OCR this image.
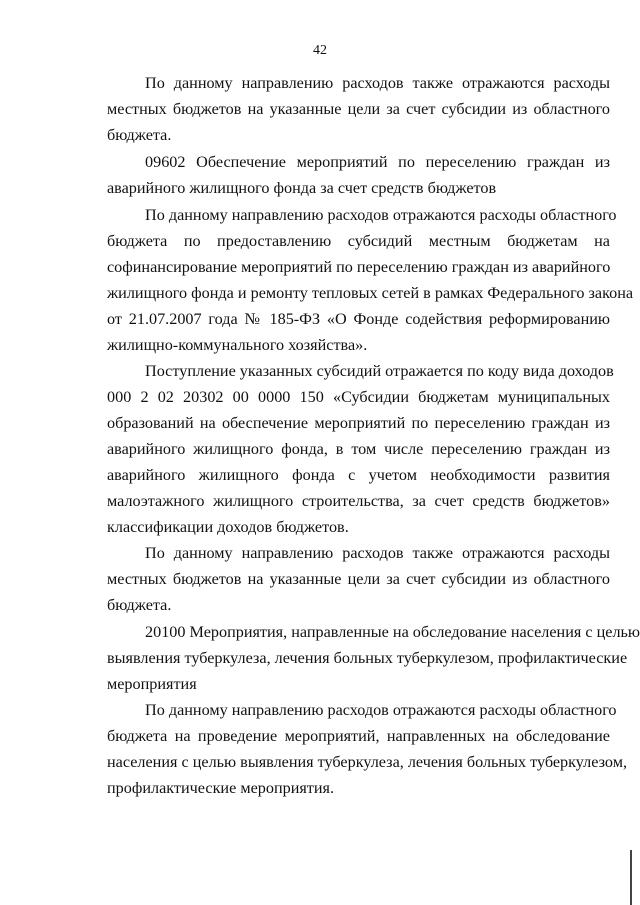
42
По данному направлению расходов также отражаются расходы
местных бюджетов на указанные цели за счет субсидии из областного
бюджета.
09602 Обеспечение мероприятий по переселению граждан из
аварийного жилищного фонда за счет средств бюджетов
По данному направлению расходов отражаются расходы областного
бюджета по предоставлению субсидий местным бюджетам на
софинансирование мероприятий по переселению граждан из аварийного
жилищного фонда и ремонту тепловых сетей в рамках Федерального закона
от 21.07.2007 года № 185-ФЗ «О Фонде содействия реформированию
жилищно-коммунального хозяйства».
Поступление указанных субсидий отражается по коду вида доходов
000 2 02 20302 00 0000 150 «Субсидии бюджетам муниципальных
образований на обеспечение мероприятий по переселению граждан из
аварийного жилищного фонда, в том числе переселению граждан из
аварийного жилищного фонда с учетом необходимости развития
малоэтажного жилищного строительства, за счет средств бюджетов»
классификации доходов бюджетов.
По данному направлению расходов также отражаются расходы
местных бюджетов на указанные цели за счет субсидии из областного
бюджета.
20100 Мероприятия, направленные на обследование населения с целью
выявления туберкулеза, лечения больных туберкулезом, профилактические
мероприятия
По данному направлению расходов отражаются расходы областного
бюджета на проведение мероприятий, направленных на обследование
населения с целью выявления туберкулеза, лечения больных туберкулезом,
профилактические мероприятия.
